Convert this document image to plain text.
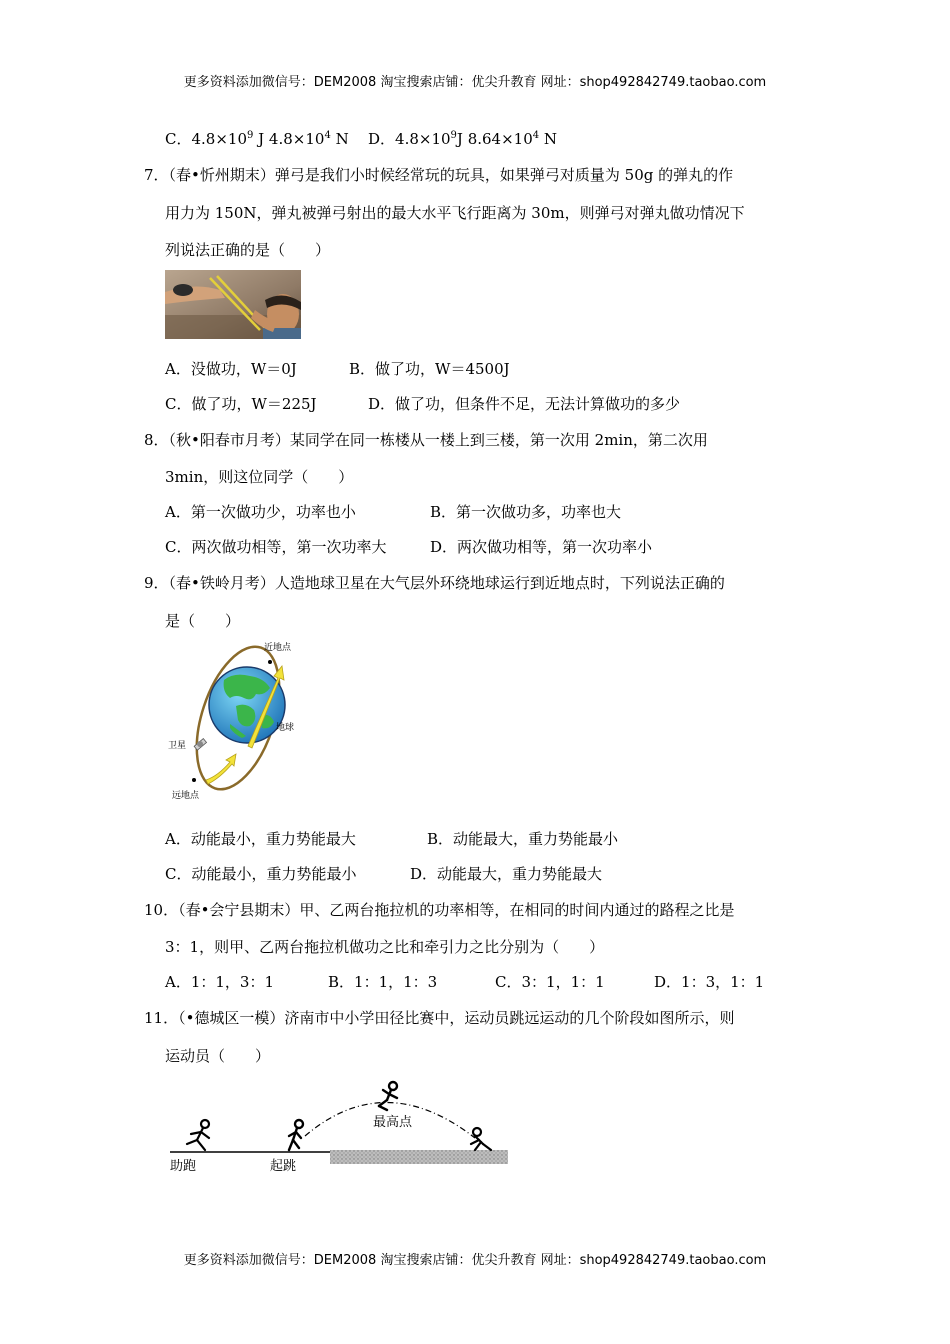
更多资料添加微信号：DEM2008 淘宝搜索店铺：优尖升教育 网址：shop492842749.taobao.com
C．$4.8\times 10^9$ J $4.8\times 10^4$ N D．$4.8\times 10^9J$ $8.64\times 10^4$ N
7．（春•忻州期末）弹弓是我们小时候经常玩的玩具，如果弹弓对质量为 50g 的弹丸的作
用力为 150N，弹丸被弹弓射出的最大水平飞行距离为 30m，则弹弓对弹丸做功情况下
列说法正确的是（　　）
A．没做功，W＝0J	B．做了功，W＝4500J
C．做了功，W＝225J	D．做了功，但条件不足，无法计算做功的多少
8．（秋•阳春市月考）某同学在同一栋楼从一楼上到三楼，第一次用 2min，第二次用
3min，则这位同学（　　）
A．第一次做功少，功率也小	B．第一次做功多，功率也大
C．两次做功相等，第一次功率大	D．两次做功相等，第一次功率小
9．（春•铁岭月考）人造地球卫星在大气层外环绕地球运行到近地点时，下列说法正确的
是（　　）
近地点
地球
卫星
远地点
A．动能最小，重力势能最大	B．动能最大，重力势能最小
C．动能最小，重力势能最小	D．动能最大，重力势能最大
10．（春•会宁县期末）甲、乙两台拖拉机的功率相等，在相同的时间内通过的路程之比是
3：1，则甲、乙两台拖拉机做功之比和牵引力之比分别为（　　）
A．1：1，3：1	B．1：1，1：3	C．3：1，1：1	D．1：3，1：1
11．（•德城区一模）济南市中小学田径比赛中，运动员跳远运动的几个阶段如图所示，则
运动员（　　）
助跑	起跳
最高点
更多资料添加微信号：DEM2008 淘宝搜索店铺：优尖升教育 网址：shop492842749.taobao.com
